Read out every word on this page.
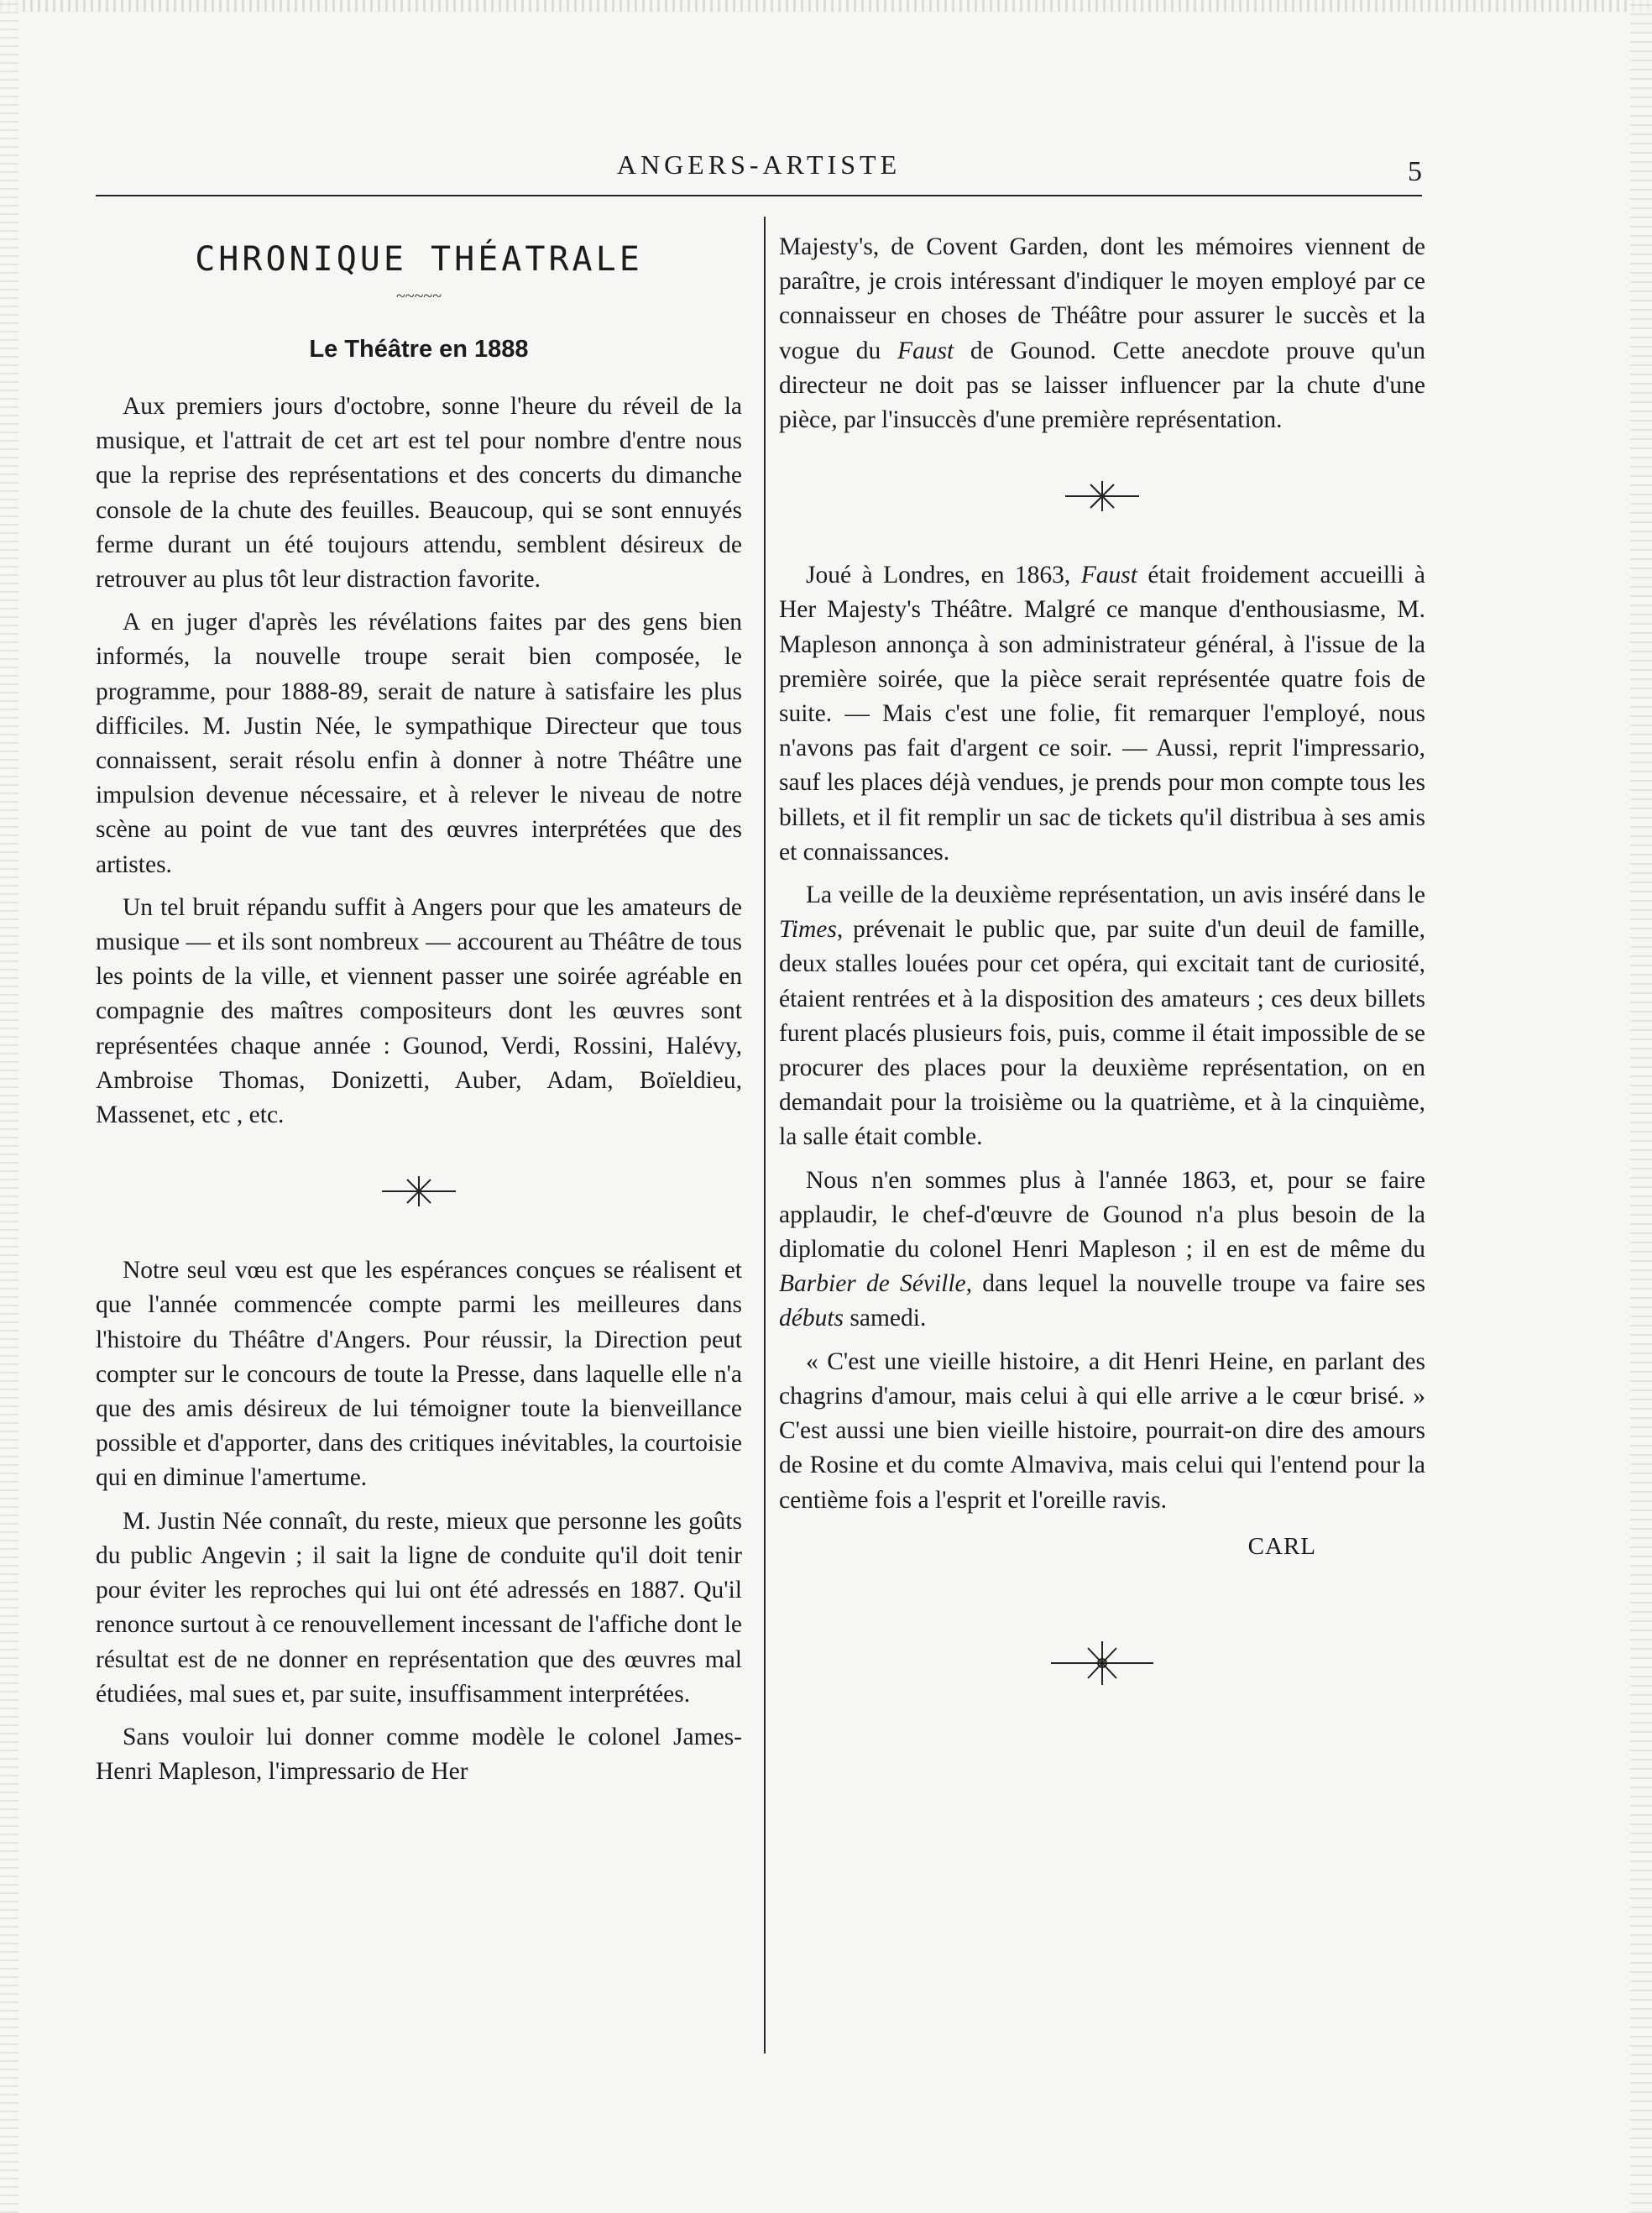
ANGERS-ARTISTE	5
CHRONIQUE THÉATRALE
~~~~~
Le Théâtre en 1888

Aux premiers jours d'octobre, sonne l'heure du réveil de la musique, et l'attrait de cet art est tel pour nombre d'entre nous que la reprise des représentations et des concerts du dimanche console de la chute des feuilles. Beaucoup, qui se sont ennuyés ferme durant un été toujours attendu, semblent désireux de retrouver au plus tôt leur distraction favorite.

A en juger d'après les révélations faites par des gens bien informés, la nouvelle troupe serait bien composée, le programme, pour 1888-89, serait de nature à satisfaire les plus difficiles. M. Justin Née, le sympathique Directeur que tous connaissent, serait résolu enfin à donner à notre Théâtre une impulsion devenue nécessaire, et à relever le niveau de notre scène au point de vue tant des œuvres interprétées que des artistes.

Un tel bruit répandu suffit à Angers pour que les amateurs de musique — et ils sont nombreux — accourent au Théâtre de tous les points de la ville, et viennent passer une soirée agréable en compagnie des maîtres compositeurs dont les œuvres sont représentées chaque année : Gounod, Verdi, Rossini, Halévy, Ambroise Thomas, Donizetti, Auber, Adam, Boïeldieu, Massenet, etc , etc.

Notre seul vœu est que les espérances conçues se réalisent et que l'année commencée compte parmi les meilleures dans l'histoire du Théâtre d'Angers. Pour réussir, la Direction peut compter sur le concours de toute la Presse, dans laquelle elle n'a que des amis désireux de lui témoigner toute la bienveillance possible et d'apporter, dans des critiques inévitables, la courtoisie qui en diminue l'amertume.

M. Justin Née connaît, du reste, mieux que personne les goûts du public Angevin ; il sait la ligne de conduite qu'il doit tenir pour éviter les reproches qui lui ont été adressés en 1887. Qu'il renonce surtout à ce renouvellement incessant de l'affiche dont le résultat est de ne donner en représentation que des œuvres mal étudiées, mal sues et, par suite, insuffisamment interprétées.

Sans vouloir lui donner comme modèle le colonel James-Henri Mapleson, l'impressario de Her

Majesty's, de Covent Garden, dont les mémoires viennent de paraître, je crois intéressant d'indiquer le moyen employé par ce connaisseur en choses de Théâtre pour assurer le succès et la vogue du Faust de Gounod. Cette anecdote prouve qu'un directeur ne doit pas se laisser influencer par la chute d'une pièce, par l'insuccès d'une première représentation.

Joué à Londres, en 1863, Faust était froidement accueilli à Her Majesty's Théâtre. Malgré ce manque d'enthousiasme, M. Mapleson annonça à son administrateur général, à l'issue de la première soirée, que la pièce serait représentée quatre fois de suite. — Mais c'est une folie, fit remarquer l'employé, nous n'avons pas fait d'argent ce soir. — Aussi, reprit l'impressario, sauf les places déjà vendues, je prends pour mon compte tous les billets, et il fit remplir un sac de tickets qu'il distribua à ses amis et connaissances.

La veille de la deuxième représentation, un avis inséré dans le Times, prévenait le public que, par suite d'un deuil de famille, deux stalles louées pour cet opéra, qui excitait tant de curiosité, étaient rentrées et à la disposition des amateurs ; ces deux billets furent placés plusieurs fois, puis, comme il était impossible de se procurer des places pour la deuxième représentation, on en demandait pour la troisième ou la quatrième, et à la cinquième, la salle était comble.

Nous n'en sommes plus à l'année 1863, et, pour se faire applaudir, le chef-d'œuvre de Gounod n'a plus besoin de la diplomatie du colonel Henri Mapleson ; il en est de même du Barbier de Séville, dans lequel la nouvelle troupe va faire ses débuts samedi.

« C'est une vieille histoire, a dit Henri Heine, en parlant des chagrins d'amour, mais celui à qui elle arrive a le cœur brisé. » C'est aussi une bien vieille histoire, pourrait-on dire des amours de Rosine et du comte Almaviva, mais celui qui l'entend pour la centième fois a l'esprit et l'oreille ravis.

CARL
